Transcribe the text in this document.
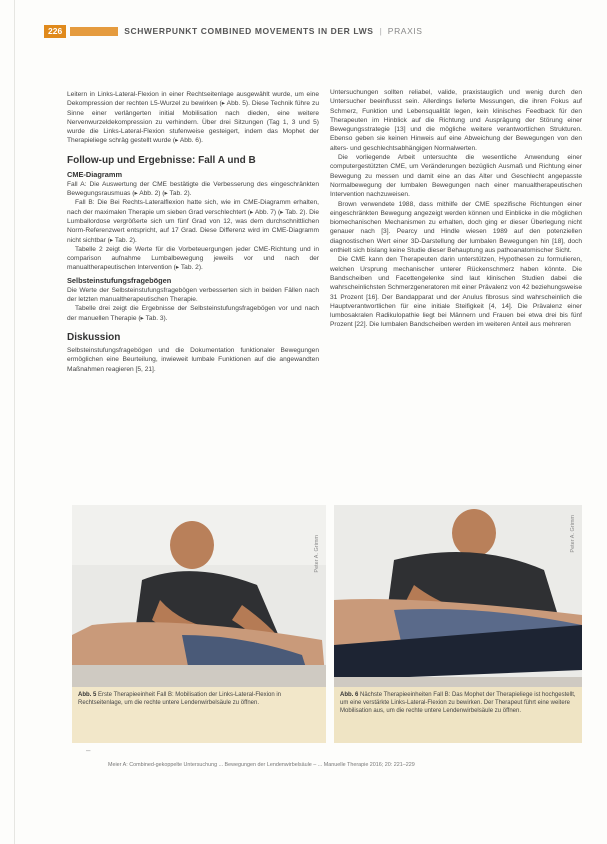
226	SCHWERPUNKT COMBINED MOVEMENTS IN DER LWS | PRAXIS

Leitern in Links-Lateral-Flexion in einer Rechtseitenlage ausgewählt wurde, um eine Dekompression der rechten L5-Wurzel zu bewirken (▸ Abb. 5). Diese Technik führe zu Sinne einer verlängerten initial Mobilisation nach dieden, eine weitere Nervenwurzeldekompression zu verhindern. Über drei Sitzungen (Tag 1, 3 und 5) wurde die Links-Lateral-Flexion stufenweise gesteigert, indem das Mophet der Therapieliege schräg gestellt wurde (▸ Abb. 6).

Follow-up und Ergebnisse: Fall A und B
CME-Diagramm

Fall A: Die Auswertung der CME bestätigte die Verbesserung des eingeschränkten Bewegungsrausmuas (▸ Abb. 2) (▸ Tab. 2).

Fall B: Die Bei Rechts-Lateralflexion hatte sich, wie im CME-Diagramm erhalten, nach der maximalen Therapie um sieben Grad verschlechtert (▸ Abb. 7) (▸ Tab. 2). Die Lumballordose vergrößerte sich um fünf Grad von 12, was dem durchschnittlichen Norm-Referenzwert entspricht, auf 17 Grad. Diese Differenz wird im CME-Diagramm nicht sichtbar (▸ Tab. 2).

Tabelle 2 zeigt die Werte für die Vorbeteuergungen jeder CME-Richtung und in comparison aufnahme Lumbalbewegung jeweils vor und nach der manualtherapeutischen Intervention (▸ Tab. 2).

Selbsteinstufungsfragebögen

Die Werte der Selbsteinstufungsfragebögen verbesserten sich in beiden Fällen nach der letzten manualtherapeutischen Therapie.

Tabelle drei zeigt die Ergebnisse der Selbsteinstufungsfragebögen vor und nach der manuellen Therapie (▸ Tab. 3).

Diskussion

Selbsteinstufungsfragebögen und die Dokumentation funktionaler Bewegungen ermöglichen eine Beurteilung, inwieweit lumbale Funktionen auf die angewandten Maßnahmen reagieren [5, 21].

Untersuchungen sollten reliabel, valide, praxistauglich und wenig durch den Untersucher beeinflusst sein. Allerdings lieferte Messungen, die ihren Fokus auf Schmerz, Funktion und Lebensqualität legen, kein klinisches Feedback für den Therapeuten im Hinblick auf die Richtung und Ausprägung der Störung einer Bewegungsstrategie [13] und die mögliche weitere verantwortlichen Strukturen. Ebenso geben sie keinen Hinweis auf eine Abweichung der Bewegungen von den alters- und geschlechtsabhängigen Normalwerten.

Die vorliegende Arbeit untersuchte die wesentliche Anwendung einer computergestützten CME, um Veränderungen bezüglich Ausmaß und Richtung einer Bewegung zu messen und damit eine an das Alter und Geschlecht angepasste Normalbewegung der lumbalen Bewegungen nach einer manualtherapeutischen Intervention nachzuweisen.

Brown verwendete 1988, dass mithilfe der CME spezifische Richtungen einer eingeschränkten Bewegung angezeigt werden können und Einblicke in die möglichen biomechanischen Mechanismen zu erhalten, doch ging er dieser Überlegung nicht genauer nach [3]. Pearcy und Hindle wiesen 1989 auf den potenziellen diagnostischen Wert einer 3D-Darstellung der lumbalen Bewegungen hin [18], doch enthielt sich bislang keine Studie dieser Behauptung aus pathoanatomischer Sicht.

Die CME kann den Therapeuten darin unterstützen, Hypothesen zu formulieren, welchen Ursprung mechanischer unterer Rückenschmerz haben könnte. Die Bandscheiben und Facettengelenke sind laut klinischen Studien dabei die wahrscheinlichsten Schmerzgeneratoren mit einer Prävalenz von 42 beziehungsweise 31 Prozent [16]. Der Bandapparat und der Anulus fibrosus sind wahrscheinlich die Hauptverantwortlichen für eine initiale Steifigkeit [4, 14]. Die Prävalenz einer lumbosakralen Radikulopathie liegt bei Männern und Frauen bei etwa drei bis fünf Prozent [22]. Die lumbalen Bandscheiben werden im weiteren Anteil aus mehreren

Peter A. Grimm
Peter A. Grimm
Abb. 5 Erste Therapieeinheit Fall B: Mobilisation der Links-Lateral-Flexion in Rechtseitenlage, um die rechte untere Lendenwirbelsäule zu öffnen.
Abb. 6 Nächste Therapieeinheiten Fall B: Das Mophet der Therapieliege ist hochgestellt, um eine verstärkte Links-Lateral-Flexion zu bewirken. Der Therapeut führt eine weitere Mobilisation aus, um die rechte untere Lendenwirbelsäule zu öffnen.
–
Meier A: Combined-gekoppelte Untersuchung ... Bewegungen der Lendenwirbelsäule – ... Manuelle Therapie 2016; 20: 221–229
